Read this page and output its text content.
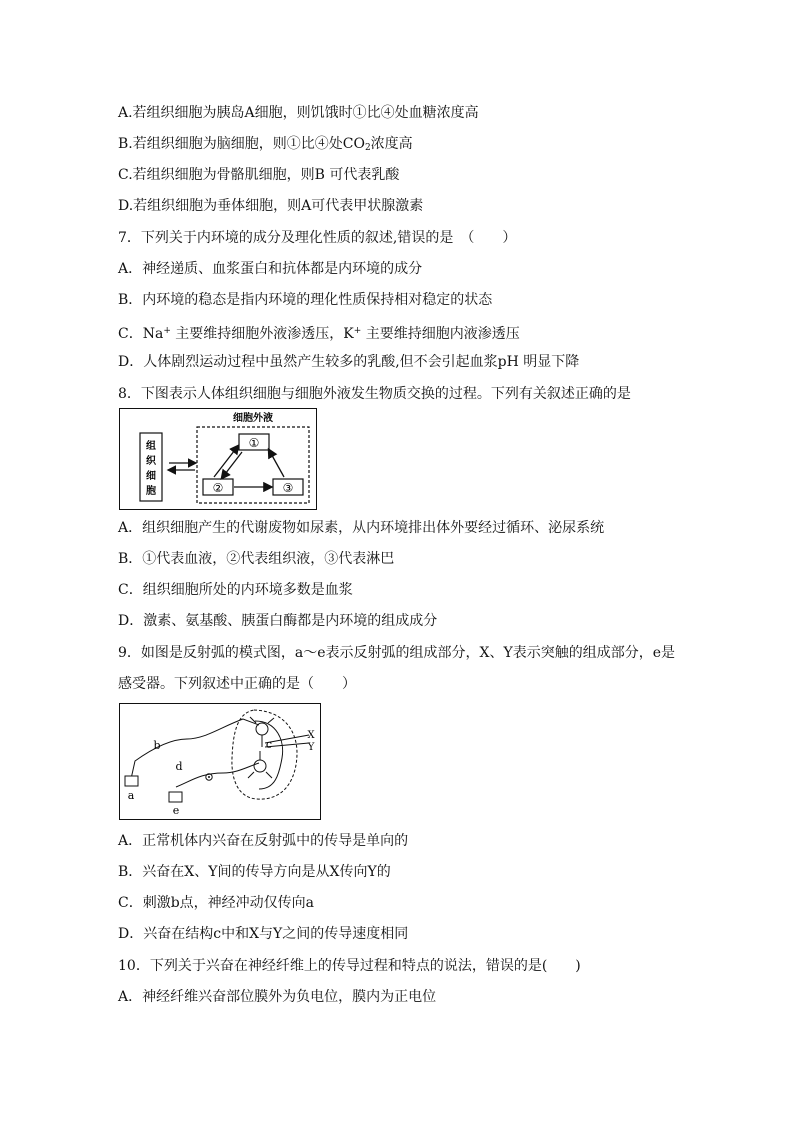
A.若组织细胞为胰岛A细胞，则饥饿时①比④处血糖浓度高
B.若组织细胞为脑细胞，则①比④处$CO_2$浓度高
C.若组织细胞为骨骼肌细胞，则B 可代表乳酸
D.若组织细胞为垂体细胞，则A可代表甲状腺激素
7．下列关于内环境的成分及理化性质的叙述,错误的是　（　　）
A．神经递质、血浆蛋白和抗体都是内环境的成分
B．内环境的稳态是指内环境的理化性质保持相对稳定的状态
C．Na+ 主要维持细胞外液渗透压，K+ 主要维持细胞内液渗透压
D．人体剧烈运动过程中虽然产生较多的乳酸,但不会引起血浆pH 明显下降
8．下图表示人体组织细胞与细胞外液发生物质交换的过程。下列有关叙述正确的是
细胞外液
组
织
细
胞
①
②	③
A．组织细胞产生的代谢废物如尿素，从内环境排出体外要经过循环、泌尿系统
B．①代表血液，②代表组织液，③代表淋巴
C．组织细胞所处的内环境多数是血浆
D．激素、氨基酸、胰蛋白酶都是内环境的组成成分
9．如图是反射弧的模式图，a～e表示反射弧的组成部分，X、Y表示突触的组成部分，e是
感受器。下列叙述中正确的是（　　）
a
b	c
d
e
X
Y
A．正常机体内兴奋在反射弧中的传导是单向的
B．兴奋在X、Y间的传导方向是从X传向Y的
C．刺激b点，神经冲动仅传向a
D．兴奋在结构c中和X与Y之间的传导速度相同
10．下列关于兴奋在神经纤维上的传导过程和特点的说法，错误的是(　　)
A．神经纤维兴奋部位膜外为负电位，膜内为正电位
